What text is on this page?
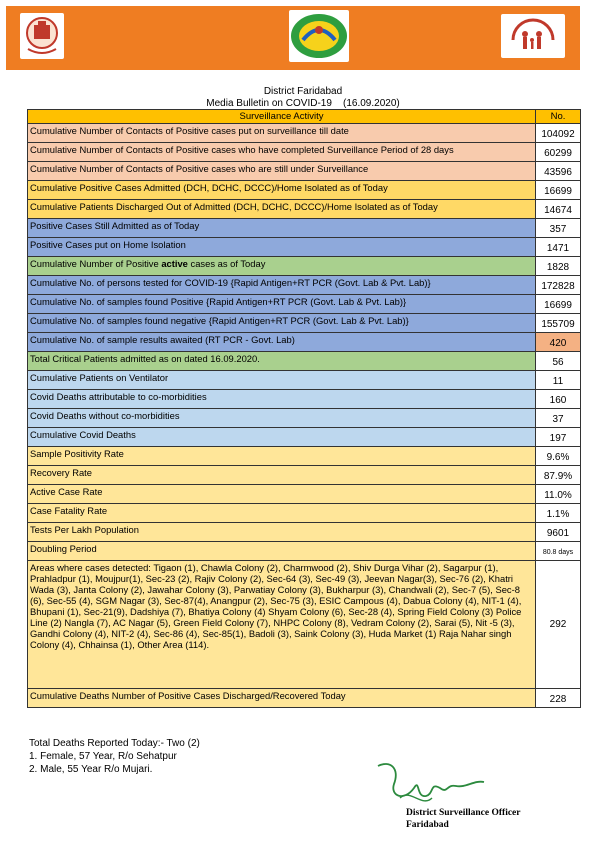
District Faridabad
Media Bulletin on COVID-19    (16.09.2020)
Surveillance Activity	No.
Cumulative Number of Contacts of Positive cases put on surveillance till date	104092
Cumulative Number of Contacts of Positive cases who have completed Surveillance Period of 28 days	60299
Cumulative Number of Contacts of Positive cases who are still under Surveillance	43596
Cumulative Positive Cases Admitted (DCH, DCHC, DCCC)/Home Isolated as of Today	16699
Cumulative Patients Discharged Out of Admitted (DCH, DCHC, DCCC)/Home Isolated as of Today	14674
Positive Cases Still Admitted as of Today	357
Positive Cases put on Home Isolation	1471
Cumulative Number of Positive active cases as of Today	1828
Cumulative No. of persons tested for COVID-19 {Rapid Antigen+RT PCR (Govt. Lab & Pvt. Lab)}	172828
Cumulative No. of samples found Positive {Rapid Antigen+RT PCR (Govt. Lab & Pvt. Lab)}	16699
Cumulative No. of samples found negative {Rapid Antigen+RT PCR (Govt. Lab & Pvt. Lab)}	155709
Cumulative No. of sample results awaited (RT PCR - Govt. Lab)	420
Total Critical Patients admitted as on dated 16.09.2020.	56
Cumulative Patients on Ventilator	11
Covid Deaths attributable to co-morbidities	160
Covid Deaths without co-morbidities	37
Cumulative Covid Deaths	197
Sample Positivity Rate	9.6%
Recovery Rate	87.9%
Active Case Rate	11.0%
Case Fatality Rate	1.1%
Tests Per Lakh Population	9601
Doubling Period	80.8 days
Areas where cases detected: Tigaon (1), Chawla Colony (2), Charmwood (2), Shiv Durga Vihar (2), Sagarpur (1), Prahladpur (1), Moujpur(1), Sec-23 (2), Rajiv Colony (2), Sec-64 (3), Sec-49 (3), Jeevan Nagar(3), Sec-76 (2), Khatri Wada (3), Janta Colony (2), Jawahar Colony (3), Parwatiay Colony (3), Bukharpur (3), Chandwali (2), Sec-7 (5), Sec-8 (6), Sec-55 (4), SGM Nagar (3), Sec-87(4), Anangpur (2), Sec-75 (3), ESIC Campous (4), Dabua Colony (4), NIT-1 (4), Bhupani (1), Sec-21(9), Dadshiya (7), Bhatiya Colony (4) Shyam Colony (6), Sec-28 (4), Spring Field Colony (3) Police Line (2) Nangla (7), AC Nagar (5), Green Field Colony (7), NHPC Colony (8), Vedram Colony (2), Sarai (5), Nit -5 (3), Gandhi Colony (4), NIT-2 (4), Sec-86 (4), Sec-85(1), Badoli (3), Saink Colony (3), Huda Market (1) Raja Nahar singh Colony (4), Chhainsa (1), Other Area (114).	292
Cumulative Deaths Number of Positive Cases Discharged/Recovered Today	228
Total Deaths Reported Today:- Two (2)
1. Female, 57 Year, R/o Sehatpur
2. Male, 55 Year R/o Mujari.
District Surveillance Officer
Faridabad
